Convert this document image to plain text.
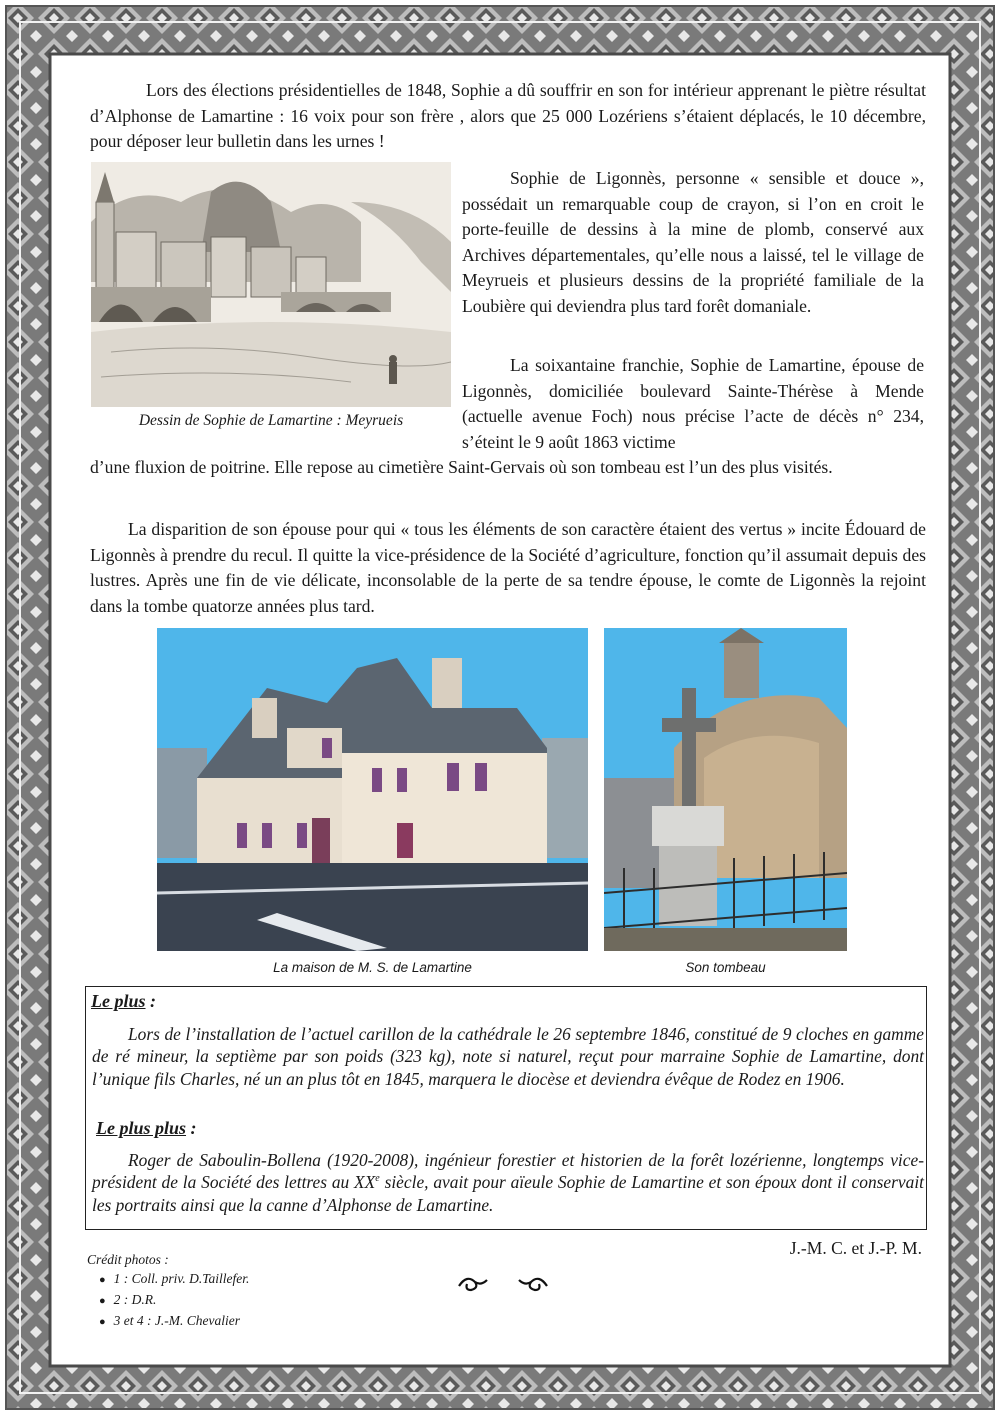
Lors des élections présidentielles de 1848, Sophie a dû souffrir en son for intérieur apprenant le piètre résultat d’Alphonse de Lamartine : 16 voix pour son frère , alors que 25 000 Lozériens s’étaient déplacés, le 10 décembre, pour déposer leur bulletin dans les urnes !

Dessin de Sophie de Lamartine : Meyrueis

Sophie de Ligonnès, personne « sensible et douce », possédait un remarquable coup de crayon, si l’on en croit le porte-feuille de dessins à la mine de plomb, conservé aux Archives départementales, qu’elle nous a laissé, tel le village de Meyrueis et plusieurs dessins de la propriété familiale de la Loubière qui deviendra plus tard forêt domaniale.

La soixantaine franchie, Sophie de Lamartine, épouse de Ligonnès, domiciliée boulevard Sainte-Thérèse à Mende (actuelle avenue Foch) nous précise l’acte de décès n° 234, s’éteint le 9 août 1863 victime

d’une fluxion de poitrine. Elle repose au cimetière Saint-Gervais où son tombeau est l’un des plus visités.

La disparition de son épouse pour qui « tous les éléments de son caractère étaient des vertus » incite Édouard de Ligonnès à prendre du recul. Il quitte la vice-présidence de la Société d’agriculture, fonction qu’il assumait depuis des lustres. Après une fin de vie délicate, inconsolable de la perte de sa tendre épouse, le comte de Ligonnès la rejoint dans la tombe quatorze années plus tard.

La maison de M. S. de Lamartine	Son tombeau
Le plus :

Lors de l’installation de l’actuel carillon de la cathédrale le 26 septembre 1846, constitué de 9 cloches en gamme de ré mineur, la septième par son poids (323 kg), note si naturel, reçut pour marraine Sophie de Lamartine, dont l’unique fils Charles, né un an plus tôt en 1845, marquera le diocèse et deviendra évêque de Rodez en 1906.

Le plus plus :

Roger de Saboulin-Bollena (1920-2008), ingénieur forestier et historien de la forêt lozérienne, longtemps vice-président de la Société des lettres au XXe siècle, avait pour aïeule Sophie de Lamartine et son époux dont il conservait les portraits ainsi que la canne d’Alphonse de Lamartine.

J.-M. C. et J.-P. M.
Crédit photos :
● 1 : Coll. priv. D.Taillefer.
● 2 : D.R.
● 3 et 4 : J.-M. Chevalier
